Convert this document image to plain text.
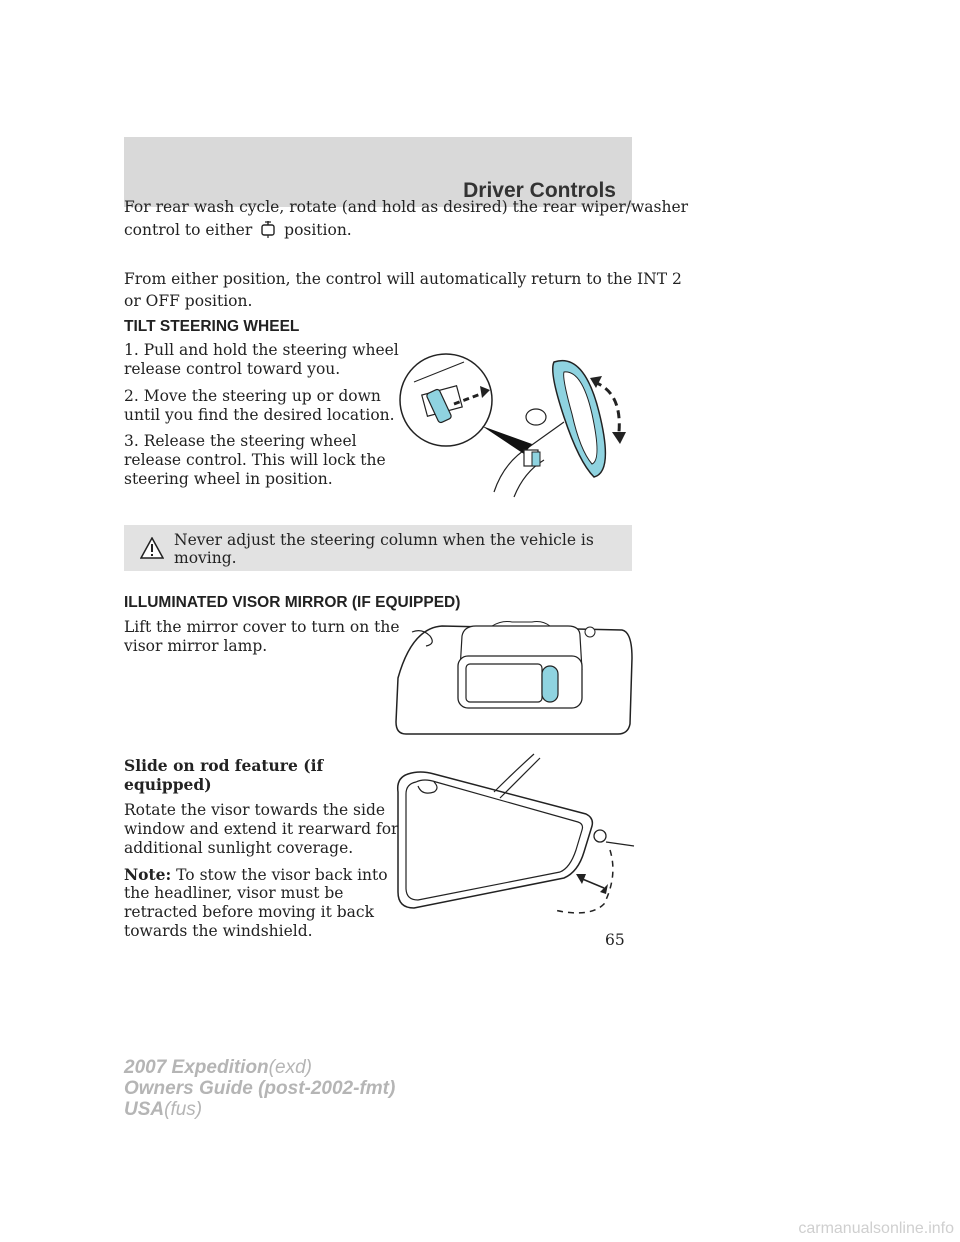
Driver Controls
For rear wash cycle, rotate (and hold as desired) the rear wiper/washer
control to either position.
From either position, the control will automatically return to the INT 2
or OFF position.
TILT STEERING WHEEL
1. Pull and hold the steering wheel
release control toward you.
2. Move the steering up or down
until you find the desired location.
3. Release the steering wheel
release control. This will lock the
steering wheel in position.
Never adjust the steering column when the vehicle is moving.
ILLUMINATED VISOR MIRROR (IF EQUIPPED)
Lift the mirror cover to turn on the
visor mirror lamp.
Slide on rod feature (if
equipped)
Rotate the visor towards the side
window and extend it rearward for
additional sunlight coverage.
Note: To stow the visor back into
the headliner, visor must be
retracted before moving it back
towards the windshield.	65
2007 Expedition(exd)
Owners Guide (post-2002-fmt)
USA(fus)
carmanualsonline.info
